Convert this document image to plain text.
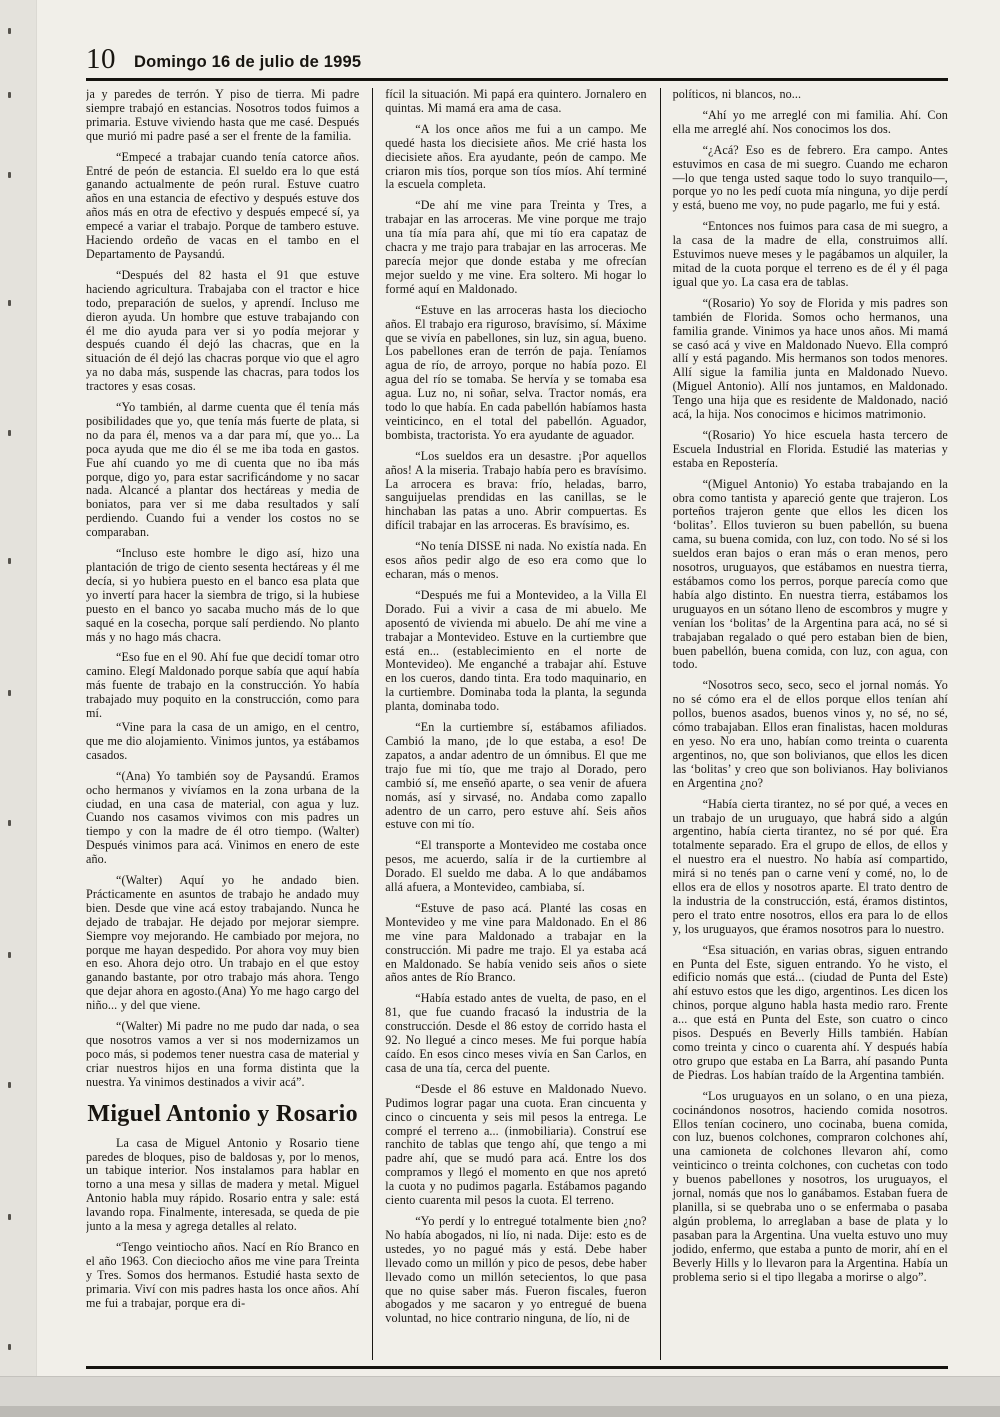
10 Domingo 16 de julio de 1995

ja y paredes de terrón. Y piso de tierra. Mi padre siempre trabajó en estancias. Nosotros todos fuimos a primaria. Estuve viviendo hasta que me casé. Después que murió mi padre pasé a ser el frente de la familia.

“Empecé a trabajar cuando tenía catorce años. Entré de peón de estancia. El sueldo era lo que está ganando actualmente de peón rural. Estuve cuatro años en una estancia de efectivo y después estuve dos años más en otra de efectivo y después empecé sí, ya empecé a variar el trabajo. Porque de tambero estuve. Haciendo ordeño de vacas en el tambo en el Departamento de Paysandú.

“Después del 82 hasta el 91 que estuve haciendo agricultura. Trabajaba con el tractor e hice todo, preparación de suelos, y aprendí. Incluso me dieron ayuda. Un hombre que estuve trabajando con él me dio ayuda para ver si yo podía mejorar y después cuando él dejó las chacras, que en la situación de él dejó las chacras porque vio que el agro ya no daba más, suspende las chacras, para todos los tractores y esas cosas.

“Yo también, al darme cuenta que él tenía más posibilidades que yo, que tenía más fuerte de plata, si no da para él, menos va a dar para mí, que yo... La poca ayuda que me dio él se me iba toda en gastos. Fue ahí cuando yo me di cuenta que no iba más porque, digo yo, para estar sacrificándome y no sacar nada. Alcancé a plantar dos hectáreas y media de boniatos, para ver si me daba resultados y salí perdiendo. Cuando fui a vender los costos no se comparaban.

“Incluso este hombre le digo así, hizo una plantación de trigo de ciento sesenta hectáreas y él me decía, si yo hubiera puesto en el banco esa plata que yo invertí para hacer la siembra de trigo, si la hubiese puesto en el banco yo sacaba mucho más de lo que saqué en la cosecha, porque salí perdiendo. No planto más y no hago más chacra.

“Eso fue en el 90. Ahí fue que decidí tomar otro camino. Elegí Maldonado porque sabía que aquí había más fuente de trabajo en la construcción. Yo había trabajado muy poquito en la construcción, como para mí.

“Vine para la casa de un amigo, en el centro, que me dio alojamiento. Vinimos juntos, ya estábamos casados.

“(Ana) Yo también soy de Paysandú. Eramos ocho hermanos y vivíamos en la zona urbana de la ciudad, en una casa de material, con agua y luz. Cuando nos casamos vivimos con mis padres un tiempo y con la madre de él otro tiempo. (Walter) Después vinimos para acá. Vinimos en enero de este año.

“(Walter) Aquí yo he andado bien. Prácticamente en asuntos de trabajo he andado muy bien. Desde que vine acá estoy trabajando. Nunca he dejado de trabajar. He dejado por mejorar siempre. Siempre voy mejorando. He cambiado por mejora, no porque me hayan despedido. Por ahora voy muy bien en eso. Ahora dejo otro. Un trabajo en el que estoy ganando bastante, por otro trabajo más ahora. Tengo que dejar ahora en agosto.(Ana) Yo me hago cargo del niño... y del que viene.

“(Walter) Mi padre no me pudo dar nada, o sea que nosotros vamos a ver si nos modernizamos un poco más, si podemos tener nuestra casa de material y criar nuestros hijos en una forma distinta que la nuestra. Ya vinimos destinados a vivir acá”.

Miguel Antonio y Rosario

La casa de Miguel Antonio y Rosario tiene paredes de bloques, piso de baldosas y, por lo menos, un tabique interior. Nos instalamos para hablar en torno a una mesa y sillas de madera y metal. Miguel Antonio habla muy rápido. Rosario entra y sale: está lavando ropa. Finalmente, interesada, se queda de pie junto a la mesa y agrega detalles al relato.

“Tengo veintiocho años. Nací en Río Branco en el año 1963. Con dieciocho años me vine para Treinta y Tres. Somos dos hermanos. Estudié hasta sexto de primaria. Viví con mis padres hasta los once años. Ahí me fui a trabajar, porque era di-

fícil la situación. Mi papá era quintero. Jornalero en quintas. Mi mamá era ama de casa.

“A los once años me fui a un campo. Me quedé hasta los diecisiete años. Me crié hasta los diecisiete años. Era ayudante, peón de campo. Me criaron mis tíos, porque son tíos míos. Ahí terminé la escuela completa.

“De ahí me vine para Treinta y Tres, a trabajar en las arroceras. Me vine porque me trajo una tía mía para ahí, que mi tío era capataz de chacra y me trajo para trabajar en las arroceras. Me parecía mejor que donde estaba y me ofrecían mejor sueldo y me vine. Era soltero. Mi hogar lo formé aquí en Maldonado.

“Estuve en las arroceras hasta los dieciocho años. El trabajo era riguroso, bravísimo, sí. Máxime que se vivía en pabellones, sin luz, sin agua, bueno. Los pabellones eran de terrón de paja. Teníamos agua de río, de arroyo, porque no había pozo. El agua del río se tomaba. Se hervía y se tomaba esa agua. Luz no, ni soñar, selva. Tractor nomás, era todo lo que había. En cada pabellón habíamos hasta veinticinco, en el total del pabellón. Aguador, bombista, tractorista. Yo era ayudante de aguador.

“Los sueldos era un desastre. ¡Por aquellos años! A la miseria. Trabajo había pero es bravísimo. La arrocera es brava: frío, heladas, barro, sanguijuelas prendidas en las canillas, se le hinchaban las patas a uno. Abrir compuertas. Es difícil trabajar en las arroceras. Es bravísimo, es.

“No tenía DISSE ni nada. No existía nada. En esos años pedir algo de eso era como que lo echaran, más o menos.

“Después me fui a Montevideo, a la Villa El Dorado. Fui a vivir a casa de mi abuelo. Me aposentó de vivienda mi abuelo. De ahí me vine a trabajar a Montevideo. Estuve en la curtiembre que está en... (establecimiento en el norte de Montevideo). Me enganché a trabajar ahí. Estuve en los cueros, dando tinta. Era todo maquinario, en la curtiembre. Dominaba toda la planta, la segunda planta, dominaba todo.

“En la curtiembre sí, estábamos afiliados. Cambió la mano, ¡de lo que estaba, a eso! De zapatos, a andar adentro de un ómnibus. El que me trajo fue mi tío, que me trajo al Dorado, pero cambió sí, me enseñó aparte, o sea venir de afuera nomás, así y sirvasé, no. Andaba como zapallo adentro de un carro, pero estuve ahí. Seis años estuve con mi tío.

“El transporte a Montevideo me costaba once pesos, me acuerdo, salía ir de la curtiembre al Dorado. El sueldo me daba. A lo que andábamos allá afuera, a Montevideo, cambiaba, sí.

“Estuve de paso acá. Planté las cosas en Montevideo y me vine para Maldonado. En el 86 me vine para Maldonado a trabajar en la construcción. Mi padre me trajo. El ya estaba acá en Maldonado. Se había venido seis años o siete años antes de Río Branco.

“Había estado antes de vuelta, de paso, en el 81, que fue cuando fracasó la industria de la construcción. Desde el 86 estoy de corrido hasta el 92. No llegué a cinco meses. Me fui porque había caído. En esos cinco meses vivía en San Carlos, en casa de una tía, cerca del puente.

“Desde el 86 estuve en Maldonado Nuevo. Pudimos lograr pagar una cuota. Eran cincuenta y cinco o cincuenta y seis mil pesos la entrega. Le compré el terreno a... (inmobiliaria). Construí ese ranchito de tablas que tengo ahí, que tengo a mi padre ahí, que se mudó para acá. Entre los dos compramos y llegó el momento en que nos apretó la cuota y no pudimos pagarla. Estábamos pagando ciento cuarenta mil pesos la cuota. El terreno.

“Yo perdí y lo entregué totalmente bien ¿no? No había abogados, ni lío, ni nada. Dije: esto es de ustedes, yo no pagué más y está. Debe haber llevado como un millón y pico de pesos, debe haber llevado como un millón setecientos, lo que pasa que no quise saber más. Fueron fiscales, fueron abogados y me sacaron y yo entregué de buena voluntad, no hice contrario ninguna, de lío, ni de

políticos, ni blancos, no...

“Ahí yo me arreglé con mi familia. Ahí. Con ella me arreglé ahí. Nos conocimos los dos.

“¿Acá? Eso es de febrero. Era campo. Antes estuvimos en casa de mi suegro. Cuando me echaron —lo que tenga usted saque todo lo suyo tranquilo—, porque yo no les pedí cuota mía ninguna, yo dije perdí y está, bueno me voy, no pude pagarlo, me fui y está.

“Entonces nos fuimos para casa de mi suegro, a la casa de la madre de ella, construimos allí. Estuvimos nueve meses y le pagábamos un alquiler, la mitad de la cuota porque el terreno es de él y él paga igual que yo. La casa era de tablas.

“(Rosario) Yo soy de Florida y mis padres son también de Florida. Somos ocho hermanos, una familia grande. Vinimos ya hace unos años. Mi mamá se casó acá y vive en Maldonado Nuevo. Ella compró allí y está pagando. Mis hermanos son todos menores. Allí sigue la familia junta en Maldonado Nuevo. (Miguel Antonio). Allí nos juntamos, en Maldonado. Tengo una hija que es residente de Maldonado, nació acá, la hija. Nos conocimos e hicimos matrimonio.

“(Rosario) Yo hice escuela hasta tercero de Escuela Industrial en Florida. Estudié las materias y estaba en Repostería.

“(Miguel Antonio) Yo estaba trabajando en la obra como tantista y apareció gente que trajeron. Los porteños trajeron gente que ellos les dicen los ‘bolitas’. Ellos tuvieron su buen pabellón, su buena cama, su buena comida, con luz, con todo. No sé si los sueldos eran bajos o eran más o eran menos, pero nosotros, uruguayos, que estábamos en nuestra tierra, estábamos como los perros, porque parecía como que había algo distinto. En nuestra tierra, estábamos los uruguayos en un sótano lleno de escombros y mugre y venían los ‘bolitas’ de la Argentina para acá, no sé si trabajaban regalado o qué pero estaban bien de bien, buen pabellón, buena comida, con luz, con agua, con todo.

“Nosotros seco, seco, seco el jornal nomás. Yo no sé cómo era el de ellos porque ellos tenían ahí pollos, buenos asados, buenos vinos y, no sé, no sé, cómo trabajaban. Ellos eran finalistas, hacen molduras en yeso. No era uno, habían como treinta o cuarenta argentinos, no, que son bolivianos, que ellos les dicen las ‘bolitas’ y creo que son bolivianos. Hay bolivianos en Argentina ¿no?

“Había cierta tirantez, no sé por qué, a veces en un trabajo de un uruguayo, que habrá sido a algún argentino, había cierta tirantez, no sé por qué. Era totalmente separado. Era el grupo de ellos, de ellos y el nuestro era el nuestro. No había así compartido, mirá si no tenés pan o carne vení y comé, no, lo de ellos era de ellos y nosotros aparte. El trato dentro de la industria de la construcción, está, éramos distintos, pero el trato entre nosotros, ellos era para lo de ellos y, los uruguayos, que éramos nosotros para lo nuestro.

“Esa situación, en varias obras, siguen entrando en Punta del Este, siguen entrando. Yo he visto, el edificio nomás que está... (ciudad de Punta del Este) ahí estuvo estos que les digo, argentinos. Les dicen los chinos, porque alguno habla hasta medio raro. Frente a... que está en Punta del Este, son cuatro o cinco pisos. Después en Beverly Hills también. Habían como treinta y cinco o cuarenta ahí. Y después había otro grupo que estaba en La Barra, ahí pasando Punta de Piedras. Los habían traído de la Argentina también.

“Los uruguayos en un solano, o en una pieza, cocinándonos nosotros, haciendo comida nosotros. Ellos tenían cocinero, uno cocinaba, buena comida, con luz, buenos colchones, compraron colchones ahí, una camioneta de colchones llevaron ahí, como veinticinco o treinta colchones, con cuchetas con todo y buenos pabellones y nosotros, los uruguayos, el jornal, nomás que nos lo ganábamos. Estaban fuera de planilla, si se quebraba uno o se enfermaba o pasaba algún problema, lo arreglaban a base de plata y lo pasaban para la Argentina. Una vuelta estuvo uno muy jodido, enfermo, que estaba a punto de morir, ahí en el Beverly Hills y lo llevaron para la Argentina. Había un problema serio si el tipo llegaba a morirse o algo”.
